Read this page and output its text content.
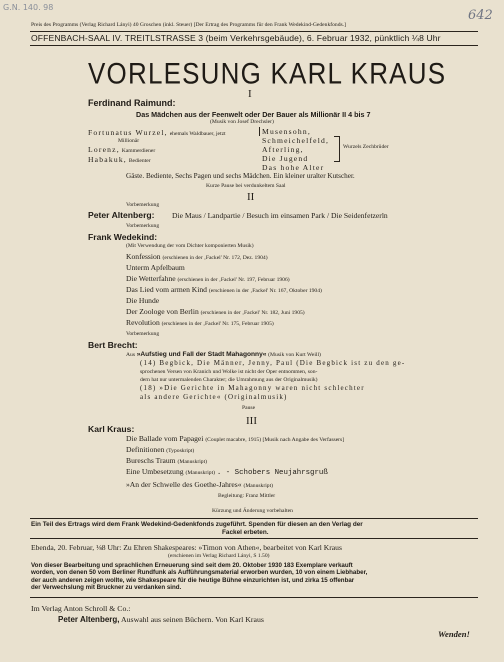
G.N. 140. 98
642
Preis des Programms (Verlag Richard Lányi) 40 Groschen (inkl. Steuer) [Der Ertrag des Programms für den Frank Wedekind-Gedenkfonds.]
OFFENBACH-SAAL IV. TREITLSTRASSE 3 (beim Verkehrsgebäude), 6. Februar 1932, pünktlich ¼8 Uhr
VORLESUNG KARL KRAUS
I
Ferdinand Raimund:
Das Mädchen aus der Feenwelt oder Der Bauer als Millionär II 4 bis 7
(Musik von Josef Drechsler)
Fortunatus Wurzel, ehemals Waldbauer, jetzt
Millionär
Lorenz, Kammerdiener
Habakuk, Bedienter
Musensohn,
Schmeichelfeld,
Afterling,
Die Jugend
Das hohe Alter
Wurzels Zechbrüder
Gäste. Bediente, Sechs Pagen und sechs Mädchen. Ein kleiner uralter Kutscher.
Kurze Pause bei verdunkeltem Saal
II
Vorbemerkung
Peter Altenberg: Die Maus / Landpartie / Besuch im einsamen Park / Die Seidenfetzerln
Vorbemerkung
Frank Wedekind:
(Mit Verwendung der vom Dichter komponierten Musik)
Konfession (erschienen in der ‚Fackel' Nr. 172, Dez. 1904)
Unterm Apfelbaum
Die Wetterfahne (erschienen in der ‚Fackel' Nr. 197, Februar 1906)
Das Lied vom armen Kind (erschienen in der ‚Fackel' Nr. 167, Oktober 1904)
Die Hunde
Der Zoologe von Berlin (erschienen in der ‚Fackel' Nr. 182, Juni 1905)
Revolution (erschienen in der ‚Fackel' Nr. 175, Februar 1905)
Vorbemerkung
Bert Brecht:
Aus »Aufstieg und Fall der Stadt Mahagonny« (Musik von Kurt Weill)
(14) Begbick, Die Männer, Jenny, Paul (Die Begbick ist zu den ge-
sprochenen Versen von Kranich und Wolke ist nicht der Oper entnommen, son-
dern hat nur untermalenden Charakter; die Umrahmung aus der Originalmusik)
(18) »Die Gerichte in Mahagonny waren nicht schlechter
als andere Gerichte« (Originalmusik)
Pause
III
Karl Kraus:
Die Ballade vom Papagei (Couplet macabre, 1915) [Musik nach Angabe des Verfassers]
Definitionen (Typoskript)
Bureschs Traum (Manuskript)
Eine Umbesetzung (Manuskript) . - Schobers Neujahrsgruß
»An der Schwelle des Goethe-Jahres« (Manuskript)
Begleitung: Franz Mittler
Kürzung und Änderung vorbehalten
Ein Teil des Ertrags wird dem Frank Wedekind-Gedenkfonds zugeführt. Spenden für diesen an den Verlag der
Fackel erbeten.
Ebenda, 20. Februar, ⅛8 Uhr: Zu Ehren Shakespeares: »Timon von Athen«, bearbeitet von Karl Kraus
(erschienen im Verlag Richard Lányi, S 1.50)
Von dieser Bearbeitung und sprachlichen Erneuerung sind seit dem 20. Oktober 1930 183 Exemplare verkauft
worden, von denen 50 vom Berliner Rundfunk als Aufführungsmaterial erworben wurden, 10 von einem Liebhaber,
der auch anderen zeigen wollte, wie Shakespeare für die heutige Bühne einzurichten ist, und zirka 15 offenbar
der Verwechslung mit Bruckner zu verdanken sind.
Im Verlag Anton Schroll & Co.:
Peter Altenberg, Auswahl aus seinen Büchern. Von Karl Kraus
Wenden!
